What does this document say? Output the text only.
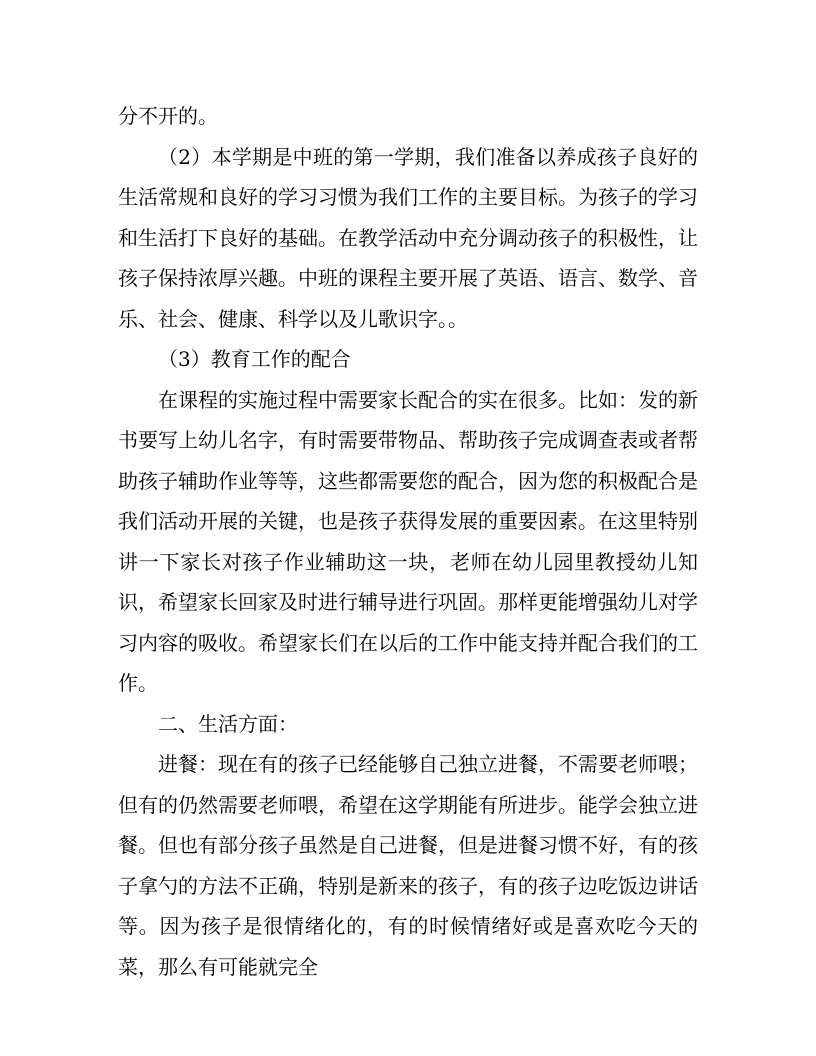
分不开的。

（2）本学期是中班的第一学期，我们准备以养成孩子良好的生活常规和良好的学习习惯为我们工作的主要目标。为孩子的学习和生活打下良好的基础。在教学活动中充分调动孩子的积极性，让孩子保持浓厚兴趣。中班的课程主要开展了英语、语言、数学、音乐、社会、健康、科学以及儿歌识字。。

（3）教育工作的配合

在课程的实施过程中需要家长配合的实在很多。比如：发的新书要写上幼儿名字，有时需要带物品、帮助孩子完成调查表或者帮助孩子辅助作业等等，这些都需要您的配合，因为您的积极配合是我们活动开展的关键，也是孩子获得发展的重要因素。在这里特别讲一下家长对孩子作业辅助这一块，老师在幼儿园里教授幼儿知识，希望家长回家及时进行辅导进行巩固。那样更能增强幼儿对学习内容的吸收。希望家长们在以后的工作中能支持并配合我们的工作。

二、生活方面：

进餐：现在有的孩子已经能够自己独立进餐，不需要老师喂；但有的仍然需要老师喂，希望在这学期能有所进步。能学会独立进餐。但也有部分孩子虽然是自己进餐，但是进餐习惯不好，有的孩子拿勺的方法不正确，特别是新来的孩子，有的孩子边吃饭边讲话等。因为孩子是很情绪化的，有的时候情绪好或是喜欢吃今天的菜，那么有可能就完全
